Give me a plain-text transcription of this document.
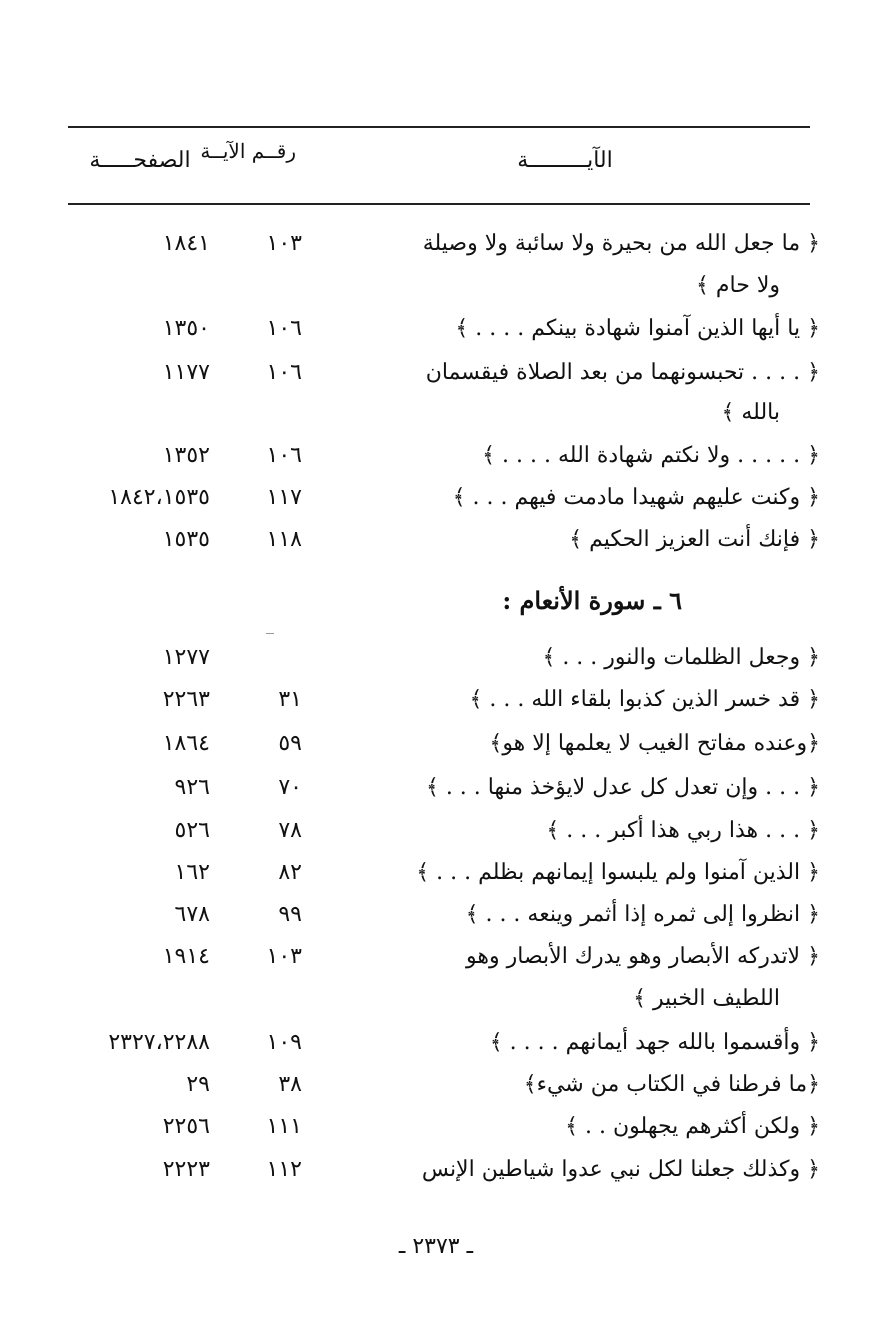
الآيـــــــــة
رقــم الآيــة
الصفحـــــة
﴿ ما جعل الله من بحيرة ولا سائبة ولا وصيلة
١٠٣
١٨٤١
ولا حام ﴾
﴿ يا أيها الذين آمنوا شهادة بينكم . . . . ﴾
١٠٦
١٣٥٠
﴿ . . . . تحبسونهما من بعد الصلاة فيقسمان
١٠٦
١١٧٧
بالله ﴾
﴿ . . . . . ولا نكتم شهادة الله . . . . ﴾
١٠٦
١٣٥٢
﴿ وكنت عليهم شهيدا مادمت فيهم . . . ﴾
١١٧
١٨٤٢،١٥٣٥
﴿ فإنك أنت العزيز الحكيم ﴾
١١٨
١٥٣٥
٦ ـ سورة الأنعام :
﴿ وجعل الظلمات والنور . . . ﴾
١٢٧٧
﴿ قد خسر الذين كذبوا بلقاء الله . . . ﴾
٣١
٢٢٦٣
﴿وعنده مفاتح الغيب لا يعلمها إلا هو﴾
٥٩
١٨٦٤
﴿ . . . وإن تعدل كل عدل لايؤخذ منها . . . ﴾
٧٠
٩٢٦
﴿ . . . هذا ربي هذا أكبر . . . ﴾
٧٨
٥٢٦
﴿ الذين آمنوا ولم يلبسوا إيمانهم بظلم . . . ﴾
٨٢
١٦٢
﴿ انظروا إلى ثمره إذا أثمر وينعه . . . ﴾
٩٩
٦٧٨
﴿ لاتدركه الأبصار وهو يدرك الأبصار وهو
١٠٣
١٩١٤
اللطيف الخبير ﴾
﴿ وأقسموا بالله جهد أيمانهم . . . . ﴾
١٠٩
٢٣٢٧،٢٢٨٨
﴿ما فرطنا في الكتاب من شيء﴾
٣٨
٢٩
﴿ ولكن أكثرهم يجهلون . . ﴾
١١١
٢٢٥٦
﴿ وكذلك جعلنا لكل نبي عدوا شياطين الإنس
١١٢
٢٢٢٣
ـ ٢٣٧٣ ـ
